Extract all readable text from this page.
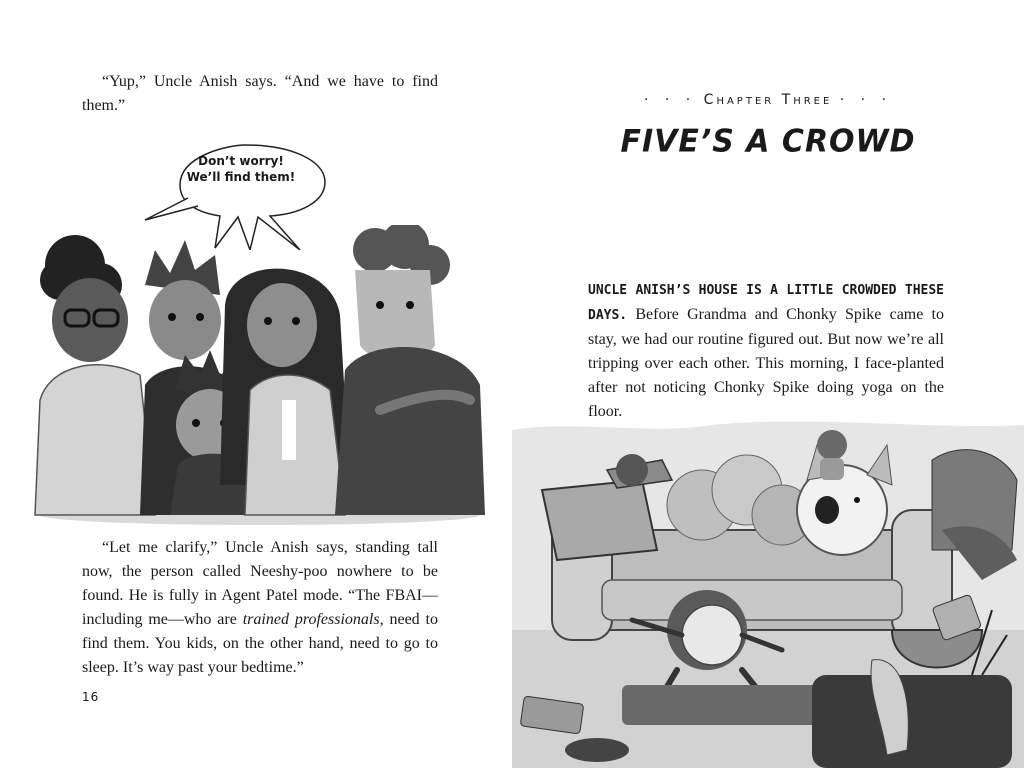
“Yup,” Uncle Anish says. “And we have to find them.”

Don’t worry!
We’ll find them!

“Let me clarify,” Uncle Anish says, standing tall now, the person called Neeshy-poo nowhere to be found. He is fully in Agent Patel mode. “The FBAI—including me—who are trained professionals, need to find them. You kids, on the other hand, need to go to sleep. It’s way past your bedtime.”

16
· · · Chapter Three · · ·
FIVE’S A CROWD

UNCLE ANISH’S HOUSE IS A LITTLE CROWDED THESE DAYS. Before Grandma and Chonky Spike came to stay, we had our routine figured out. But now we’re all tripping over each other. This morning, I face-planted after not noticing Chonky Spike doing yoga on the floor.
